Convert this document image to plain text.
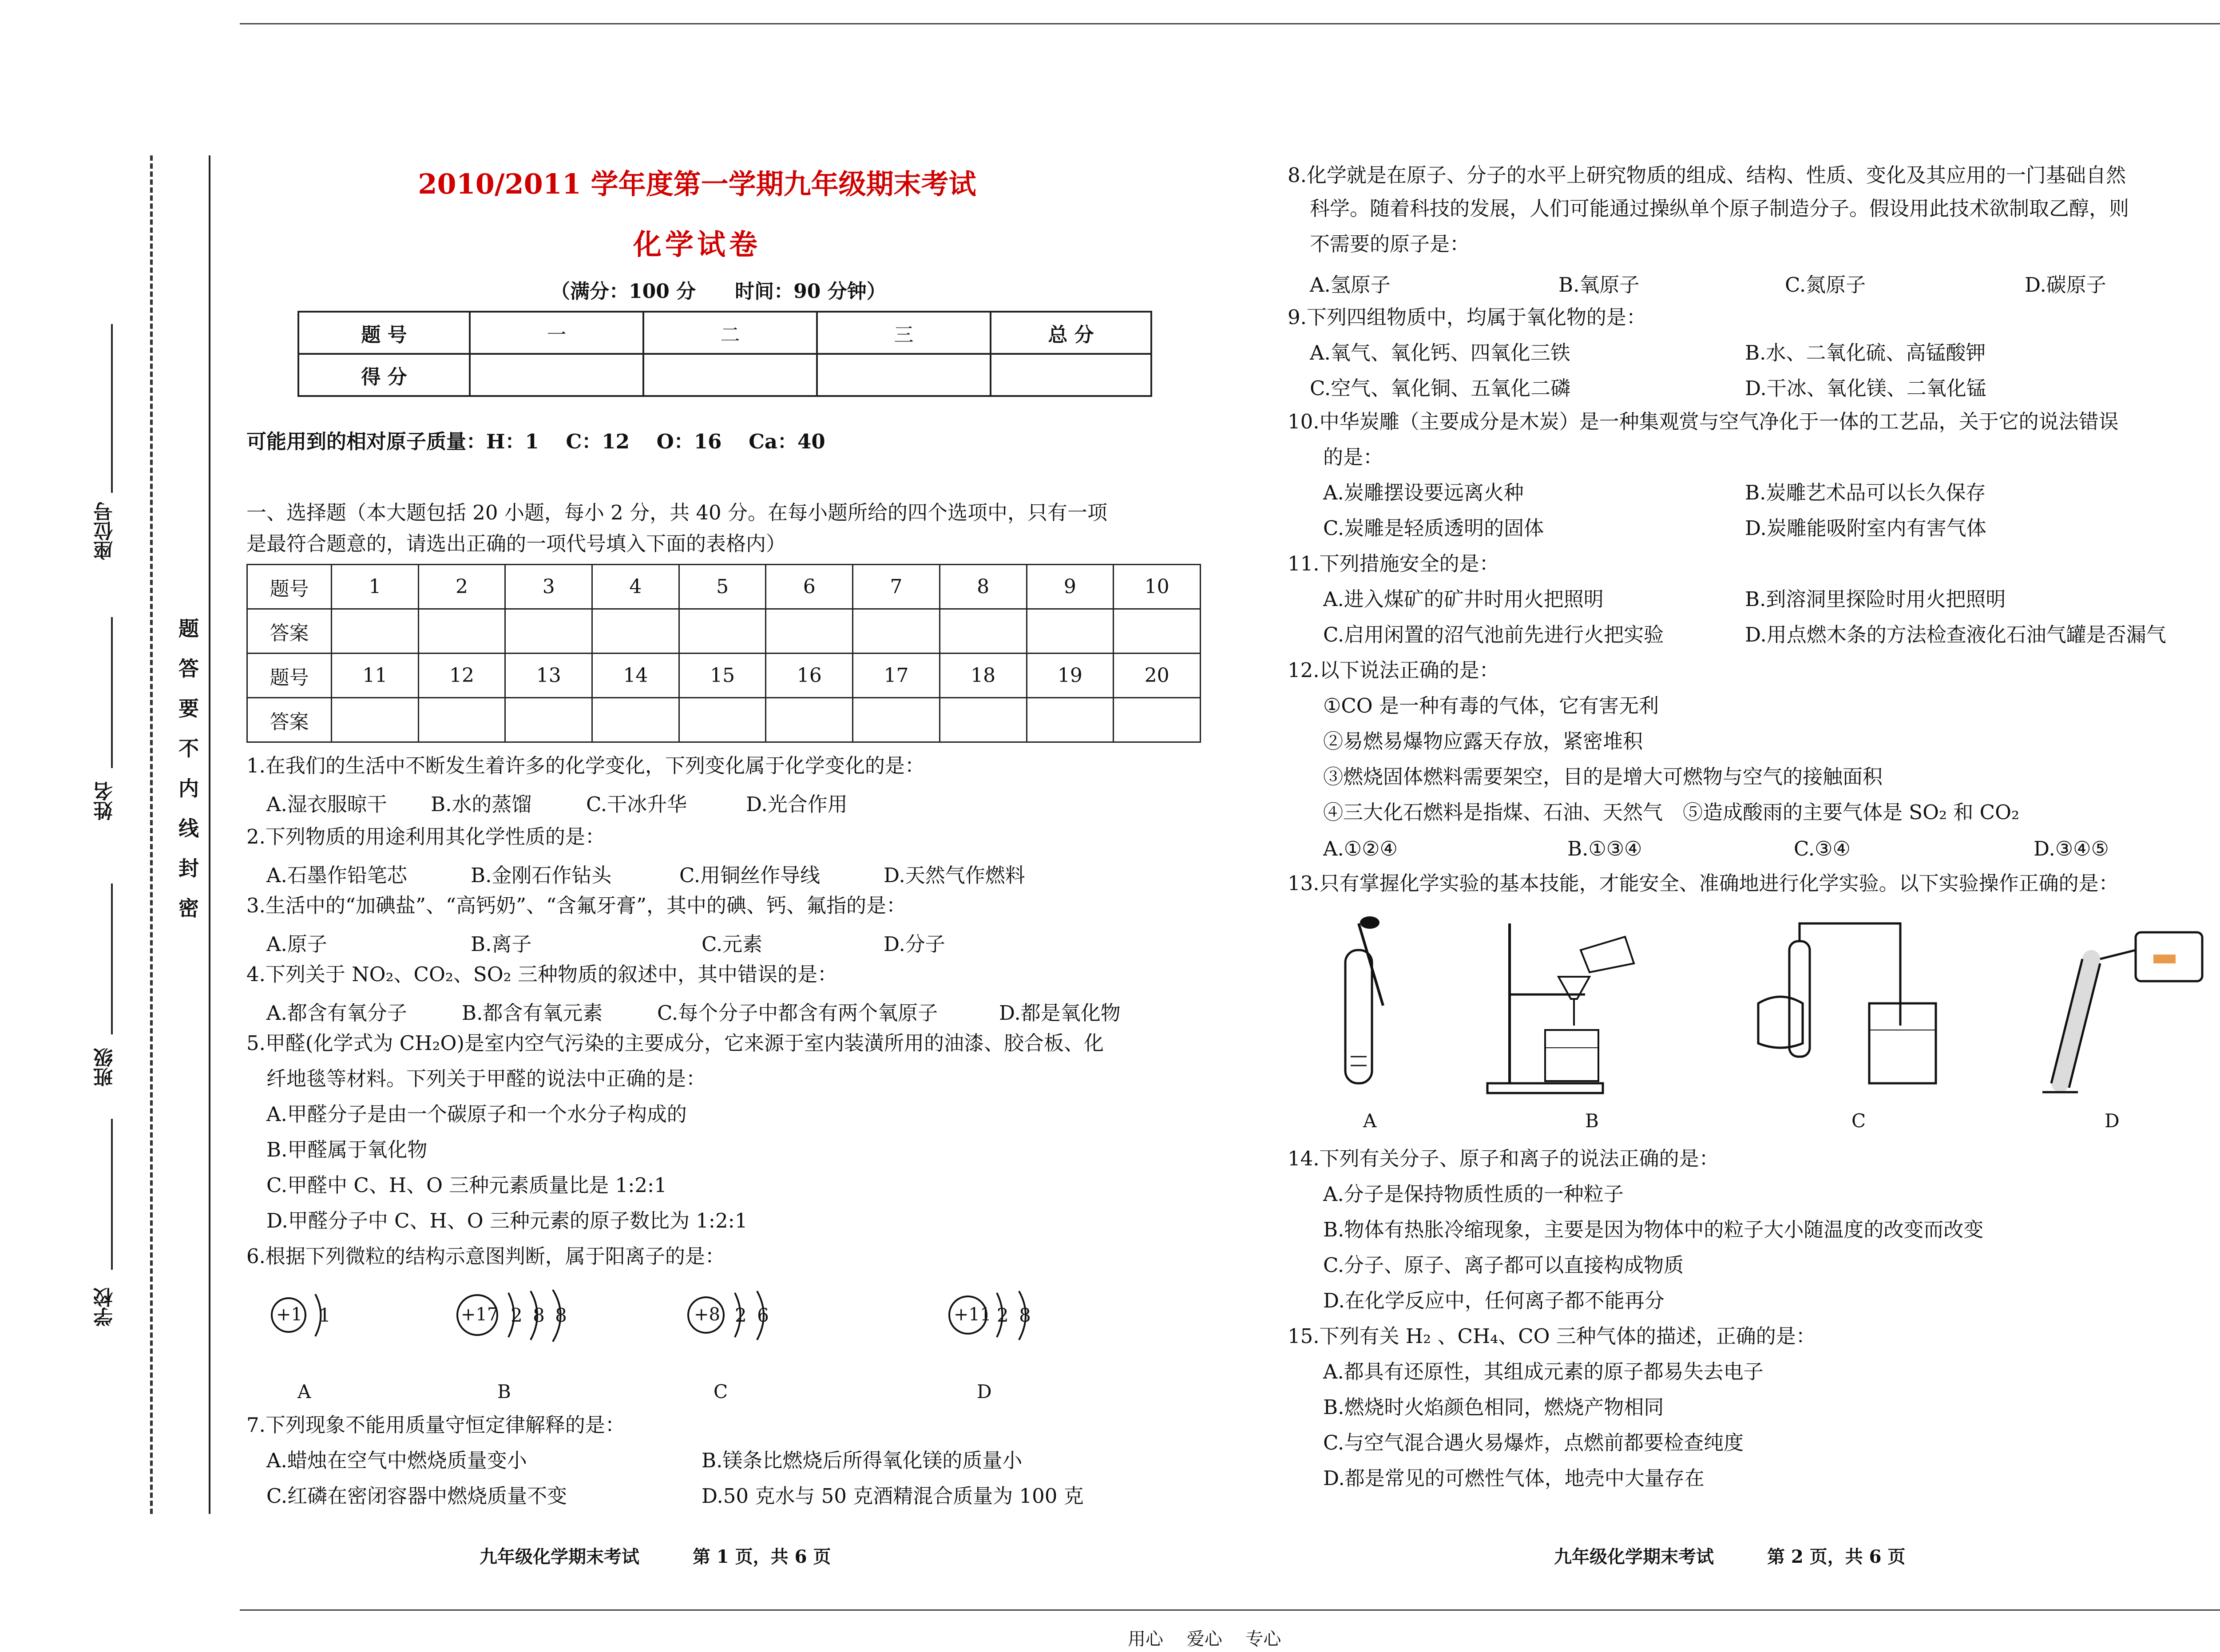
座位号
姓名
班级
学校
题
答
要
不
内
线
封
密
2010/2011 学年度第一学期九年级期末考试
化学试卷
（满分：100 分　　时间：90 分钟）
题 号	一	二	三	总 分
得 分				
可能用到的相对原子质量：H：1　 C：12　 O：16　 Ca：40
一、选择题（本大题包括 20 小题，每小 2 分，共 40 分。在每小题所给的四个选项中，只有一项
是最符合题意的，请选出正确的一项代号填入下面的表格内）
题号	1	2	3	4	5	6	7	8	9	10
答案										
题号	11	12	13	14	15	16	17	18	19	20
答案										
1.在我们的生活中不断发生着许多的化学变化，下列变化属于化学变化的是：
A.湿衣服晾干 B.水的蒸馏	C.干冰升华	D.光合作用
2.下列物质的用途利用其化学性质的是：
A.石墨作铅笔芯	B.金刚石作钻头	C.用铜丝作导线	D.天然气作燃料
3.生活中的“加碘盐”、“高钙奶”、“含氟牙膏”，其中的碘、钙、氟指的是：
A.原子	B.离子	C.元素	D.分子
4.下列关于 NO₂、CO₂、SO₂ 三种物质的叙述中，其中错误的是：
A.都含有氧分子	B.都含有氧元素	C.每个分子中都含有两个氧原子	D.都是氧化物
5.甲醛(化学式为 CH₂O)是室内空气污染的主要成分，它来源于室内装潢所用的油漆、胶合板、化
纤地毯等材料。下列关于甲醛的说法中正确的是：
A.甲醛分子是由一个碳原子和一个水分子构成的
B.甲醛属于氧化物
C.甲醛中 C、H、O 三种元素质量比是 1:2:1
D.甲醛分子中 C、H、O 三种元素的原子数比为 1:2:1
6.根据下列微粒的结构示意图判断，属于阳离子的是：
+1 1
A
+17 2 8 8
B
+8 2 6
C
+11 2 8
D
7.下列现象不能用质量守恒定律解释的是：
A.蜡烛在空气中燃烧质量变小	B.镁条比燃烧后所得氧化镁的质量小
C.红磷在密闭容器中燃烧质量不变	D.50 克水与 50 克酒精混合质量为 100 克
8.化学就是在原子、分子的水平上研究物质的组成、结构、性质、变化及其应用的一门基础自然
科学。随着科技的发展，人们可能通过操纵单个原子制造分子。假设用此技术欲制取乙醇，则
不需要的原子是：
A.氢原子	B.氧原子	C.氮原子	D.碳原子
9.下列四组物质中，均属于氧化物的是：
A.氧气、氧化钙、四氧化三铁	B.水、二氧化硫、高锰酸钾
C.空气、氧化铜、五氧化二磷	D.干冰、氧化镁、二氧化锰
10.中华炭雕（主要成分是木炭）是一种集观赏与空气净化于一体的工艺品，关于它的说法错误
的是：
A.炭雕摆设要远离火种	B.炭雕艺术品可以长久保存
C.炭雕是轻质透明的固体	D.炭雕能吸附室内有害气体
11.下列措施安全的是：
A.进入煤矿的矿井时用火把照明	B.到溶洞里探险时用火把照明
C.启用闲置的沼气池前先进行火把实验	D.用点燃木条的方法检查液化石油气罐是否漏气
12.以下说法正确的是：
①CO 是一种有毒的气体，它有害无利
②易燃易爆物应露天存放，紧密堆积
③燃烧固体燃料需要架空，目的是增大可燃物与空气的接触面积
④三大化石燃料是指煤、石油、天然气　⑤造成酸雨的主要气体是 SO₂ 和 CO₂
A.①②④	B.①③④	C.③④	D.③④⑤
13.只有掌握化学实验的基本技能，才能安全、准确地进行化学实验。以下实验操作正确的是：
A	B	C	D
14.下列有关分子、原子和离子的说法正确的是：
A.分子是保持物质性质的一种粒子
B.物体有热胀冷缩现象，主要是因为物体中的粒子大小随温度的改变而改变
C.分子、原子、离子都可以直接构成物质
D.在化学反应中，任何离子都不能再分
15.下列有关 H₂ 、CH₄、CO 三种气体的描述，正确的是：
A.都具有还原性，其组成元素的原子都易失去电子
B.燃烧时火焰颜色相同，燃烧产物相同
C.与空气混合遇火易爆炸，点燃前都要检查纯度
D.都是常见的可燃性气体，地壳中大量存在
九年级化学期末考试　　　第 1 页，共 6 页	九年级化学期末考试　　　第 2 页，共 6 页
用心　 爱心　 专心
